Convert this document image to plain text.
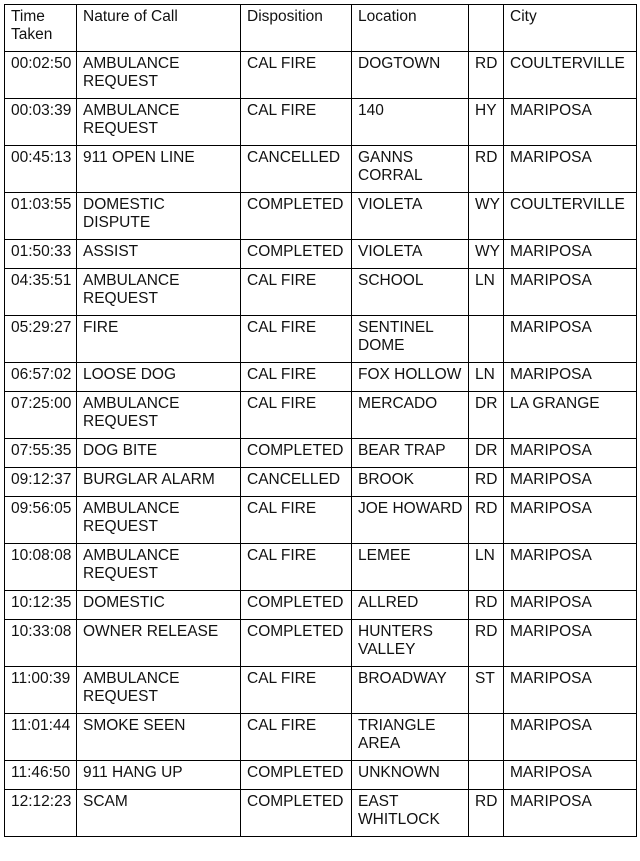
Time Taken	Nature of Call	Disposition	Location		City
00:02:50	AMBULANCE REQUEST	CAL FIRE	DOGTOWN	RD	COULTERVILLE
00:03:39	AMBULANCE REQUEST	CAL FIRE	140	HY	MARIPOSA
00:45:13	911 OPEN LINE	CANCELLED	GANNS CORRAL	RD	MARIPOSA
01:03:55	DOMESTIC DISPUTE	COMPLETED	VIOLETA	WY	COULTERVILLE
01:50:33	ASSIST	COMPLETED	VIOLETA	WY	MARIPOSA
04:35:51	AMBULANCE REQUEST	CAL FIRE	SCHOOL	LN	MARIPOSA
05:29:27	FIRE	CAL FIRE	SENTINEL DOME		MARIPOSA
06:57:02	LOOSE DOG	CAL FIRE	FOX HOLLOW	LN	MARIPOSA
07:25:00	AMBULANCE REQUEST	CAL FIRE	MERCADO	DR	LA GRANGE
07:55:35	DOG BITE	COMPLETED	BEAR TRAP	DR	MARIPOSA
09:12:37	BURGLAR ALARM	CANCELLED	BROOK	RD	MARIPOSA
09:56:05	AMBULANCE REQUEST	CAL FIRE	JOE HOWARD	RD	MARIPOSA
10:08:08	AMBULANCE REQUEST	CAL FIRE	LEMEE	LN	MARIPOSA
10:12:35	DOMESTIC	COMPLETED	ALLRED	RD	MARIPOSA
10:33:08	OWNER RELEASE	COMPLETED	HUNTERS VALLEY	RD	MARIPOSA
11:00:39	AMBULANCE REQUEST	CAL FIRE	BROADWAY	ST	MARIPOSA
11:01:44	SMOKE SEEN	CAL FIRE	TRIANGLE AREA		MARIPOSA
11:46:50	911 HANG UP	COMPLETED	UNKNOWN		MARIPOSA
12:12:23	SCAM	COMPLETED	EAST WHITLOCK	RD	MARIPOSA
